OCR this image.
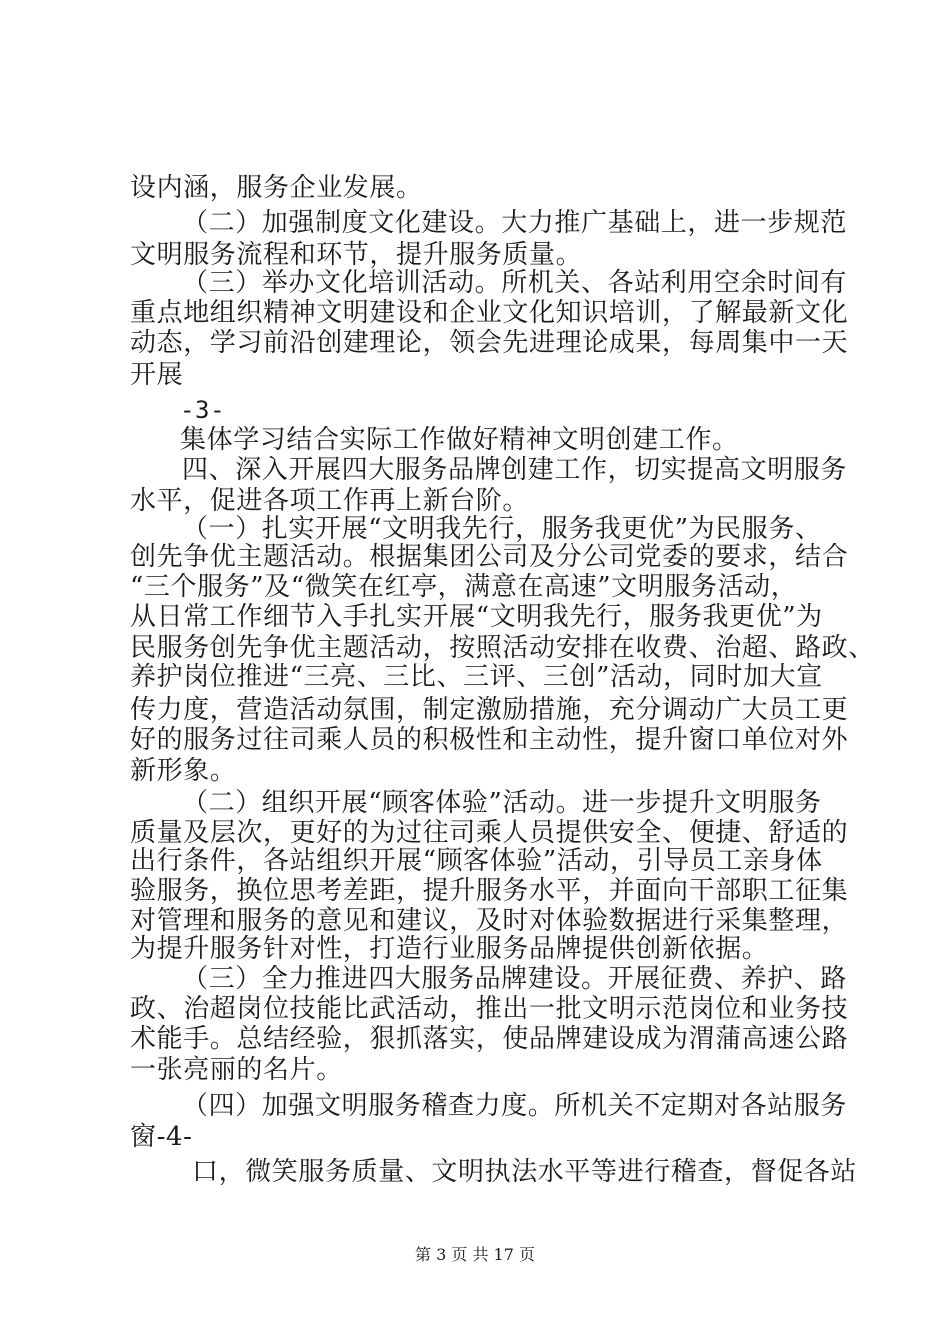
设内涵，服务企业发展。
（二）加强制度文化建设。大力推广基础上，进一步规范
文明服务流程和环节，提升服务质量。
（三）举办文化培训活动。所机关、各站利用空余时间有
重点地组织精神文明建设和企业文化知识培训，了解最新文化
动态，学习前沿创建理论，领会先进理论成果，每周集中一天
开展
-3-
集体学习结合实际工作做好精神文明创建工作。
四、深入开展四大服务品牌创建工作，切实提高文明服务
水平，促进各项工作再上新台阶。
（一）扎实开展“文明我先行，服务我更优”为民服务、
创先争优主题活动。根据集团公司及分公司党委的要求，结合
“三个服务”及“微笑在红亭，满意在高速”文明服务活动，
从日常工作细节入手扎实开展“文明我先行，服务我更优”为
民服务创先争优主题活动，按照活动安排在收费、治超、路政、
养护岗位推进“三亮、三比、三评、三创”活动，同时加大宣
传力度，营造活动氛围，制定激励措施，充分调动广大员工更
好的服务过往司乘人员的积极性和主动性，提升窗口单位对外
新形象。
（二）组织开展“顾客体验”活动。进一步提升文明服务
质量及层次，更好的为过往司乘人员提供安全、便捷、舒适的
出行条件，各站组织开展“顾客体验”活动，引导员工亲身体
验服务，换位思考差距，提升服务水平，并面向干部职工征集
对管理和服务的意见和建议，及时对体验数据进行采集整理，
为提升服务针对性，打造行业服务品牌提供创新依据。
（三）全力推进四大服务品牌建设。开展征费、养护、路
政、治超岗位技能比武活动，推出一批文明示范岗位和业务技
术能手。总结经验，狠抓落实，使品牌建设成为渭蒲高速公路
一张亮丽的名片。
（四）加强文明服务稽查力度。所机关不定期对各站服务
窗-4-
口，微笑服务质量、文明执法水平等进行稽查，督促各站
第 3 页 共 17 页
